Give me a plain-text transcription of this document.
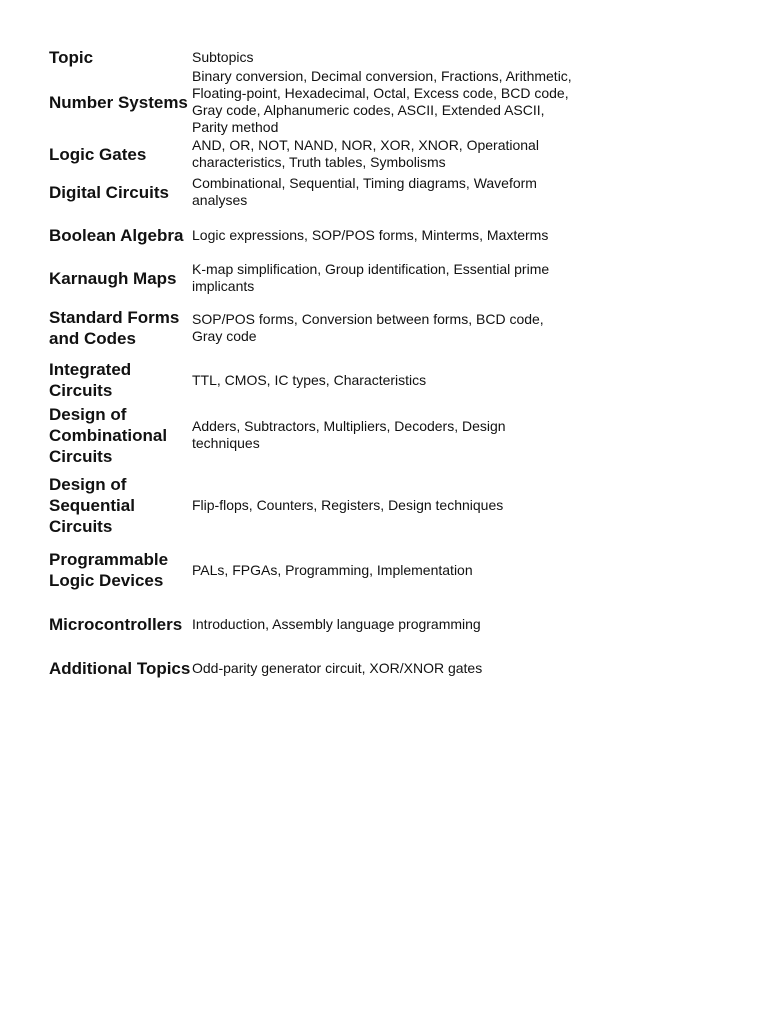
Topic	Subtopics
Number Systems	Binary conversion, Decimal conversion, Fractions, Arithmetic, Floating-point, Hexadecimal, Octal, Excess code, BCD code, Gray code, Alphanumeric codes, ASCII, Extended ASCII, Parity method
Logic Gates	AND, OR, NOT, NAND, NOR, XOR, XNOR, Operational characteristics, Truth tables, Symbolisms
Digital Circuits	Combinational, Sequential, Timing diagrams, Waveform analyses
Boolean Algebra	Logic expressions, SOP/POS forms, Minterms, Maxterms
Karnaugh Maps	K-map simplification, Group identification, Essential prime implicants
Standard Forms and Codes	SOP/POS forms, Conversion between forms, BCD code, Gray code
Integrated Circuits	TTL, CMOS, IC types, Characteristics
Design of Combinational Circuits	Adders, Subtractors, Multipliers, Decoders, Design techniques
Design of Sequential Circuits	Flip-flops, Counters, Registers, Design techniques
Programmable Logic Devices	PALs, FPGAs, Programming, Implementation
Microcontrollers	Introduction, Assembly language programming
Additional Topics	Odd-parity generator circuit, XOR/XNOR gates
